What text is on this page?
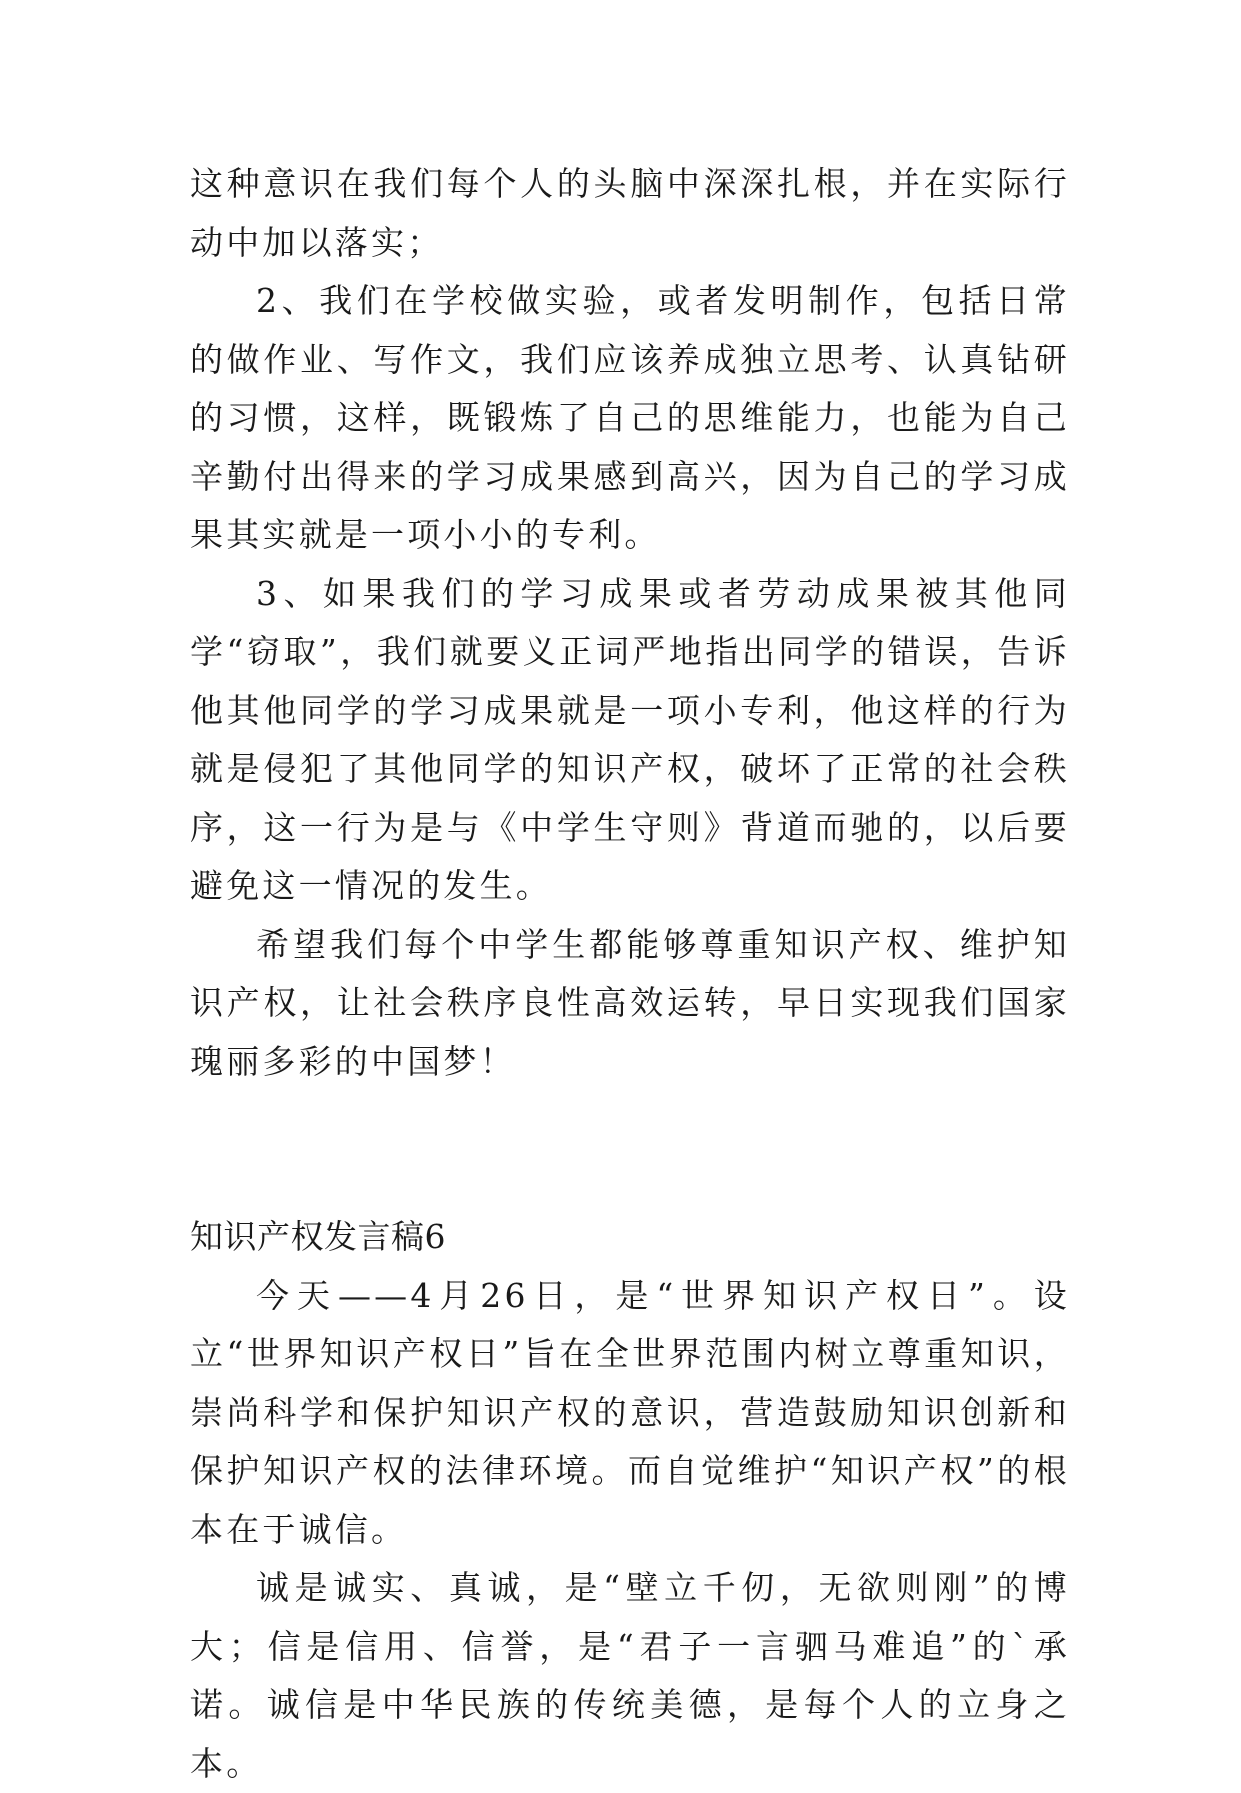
这种意识在我们每个人的头脑中深深扎根，并在实际行动中加以落实；

2、我们在学校做实验，或者发明制作，包括日常的做作业、写作文，我们应该养成独立思考、认真钻研的习惯，这样，既锻炼了自己的思维能力，也能为自己辛勤付出得来的学习成果感到高兴，因为自己的学习成果其实就是一项小小的专利。

3、如果我们的学习成果或者劳动成果被其他同学“窃取”，我们就要义正词严地指出同学的错误，告诉他其他同学的学习成果就是一项小专利，他这样的行为就是侵犯了其他同学的知识产权，破坏了正常的社会秩序，这一行为是与《中学生守则》背道而驰的，以后要避免这一情况的发生。

希望我们每个中学生都能够尊重知识产权、维护知识产权，让社会秩序良性高效运转，早日实现我们国家瑰丽多彩的中国梦！

知识产权发言稿6

今天——4月26日，是“世界知识产权日”。设立“世界知识产权日”旨在全世界范围内树立尊重知识，崇尚科学和保护知识产权的意识，营造鼓励知识创新和保护知识产权的法律环境。而自觉维护“知识产权”的根本在于诚信。

诚是诚实、真诚，是“壁立千仞，无欲则刚”的博大；信是信用、信誉，是“君子一言驷马难追”的`承诺。诚信是中华民族的传统美德，是每个人的立身之本。
